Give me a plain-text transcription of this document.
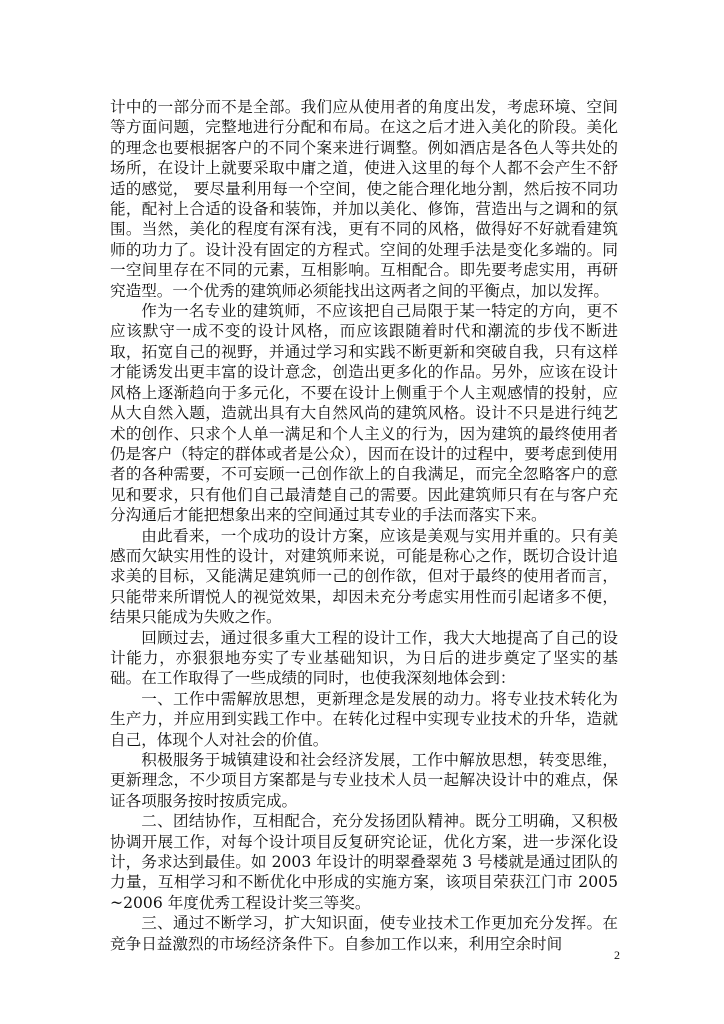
计中的一部分而不是全部。我们应从使用者的角度出发，考虑环境、空间等方面问题，完整地进行分配和布局。在这之后才进入美化的阶段。美化的理念也要根据客户的不同个案来进行调整。例如酒店是各色人等共处的场所，在设计上就要采取中庸之道，使进入这里的每个人都不会产生不舒适的感觉， 要尽量利用每一个空间，使之能合理化地分割，然后按不同功能，配衬上合适的设备和装饰，并加以美化、修饰，营造出与之调和的氛围。当然，美化的程度有深有浅，更有不同的风格，做得好不好就看建筑师的功力了。设计没有固定的方程式。空间的处理手法是变化多端的。同一空间里存在不同的元素，互相影响。互相配合。即先要考虑实用，再研究造型。一个优秀的建筑师必须能找出这两者之间的平衡点，加以发挥。

作为一名专业的建筑师，不应该把自己局限于某一特定的方向，更不应该默守一成不变的设计风格，而应该跟随着时代和潮流的步伐不断进取，拓宽自己的视野，并通过学习和实践不断更新和突破自我，只有这样才能诱发出更丰富的设计意念，创造出更多化的作品。另外，应该在设计风格上逐渐趋向于多元化，不要在设计上侧重于个人主观感情的投射，应从大自然入题，造就出具有大自然风尚的建筑风格。设计不只是进行纯艺术的创作、只求个人单一满足和个人主义的行为，因为建筑的最终使用者仍是客户（特定的群体或者是公众），因而在设计的过程中，要考虑到使用者的各种需要，不可妄顾一己创作欲上的自我满足，而完全忽略客户的意见和要求，只有他们自己最清楚自己的需要。因此建筑师只有在与客户充分沟通后才能把想象出来的空间通过其专业的手法而落实下来。

由此看来，一个成功的设计方案，应该是美观与实用并重的。只有美感而欠缺实用性的设计，对建筑师来说，可能是称心之作，既切合设计追求美的目标，又能满足建筑师一己的创作欲，但对于最终的使用者而言，只能带来所谓悦人的视觉效果，却因未充分考虑实用性而引起诸多不便，结果只能成为失败之作。

回顾过去，通过很多重大工程的设计工作，我大大地提高了自己的设计能力，亦狠狠地夯实了专业基础知识，为日后的进步奠定了坚实的基础。在工作取得了一些成绩的同时，也使我深刻地体会到：

一、工作中需解放思想，更新理念是发展的动力。将专业技术转化为生产力，并应用到实践工作中。在转化过程中实现专业技术的升华，造就自己，体现个人对社会的价值。

积极服务于城镇建设和社会经济发展，工作中解放思想，转变思维，更新理念，不少项目方案都是与专业技术人员一起解决设计中的难点，保证各项服务按时按质完成。

二、团结协作，互相配合，充分发扬团队精神。既分工明确，又积极协调开展工作，对每个设计项目反复研究论证，优化方案，进一步深化设计，务求达到最佳。如 2003 年设计的明翠叠翠苑 3 号楼就是通过团队的力量，互相学习和不断优化中形成的实施方案，该项目荣获江门市 2005~2006 年度优秀工程设计奖三等奖。

三、通过不断学习，扩大知识面，使专业技术工作更加充分发挥。在竞争日益激烈的市场经济条件下。自参加工作以来，利用空余时间

2
